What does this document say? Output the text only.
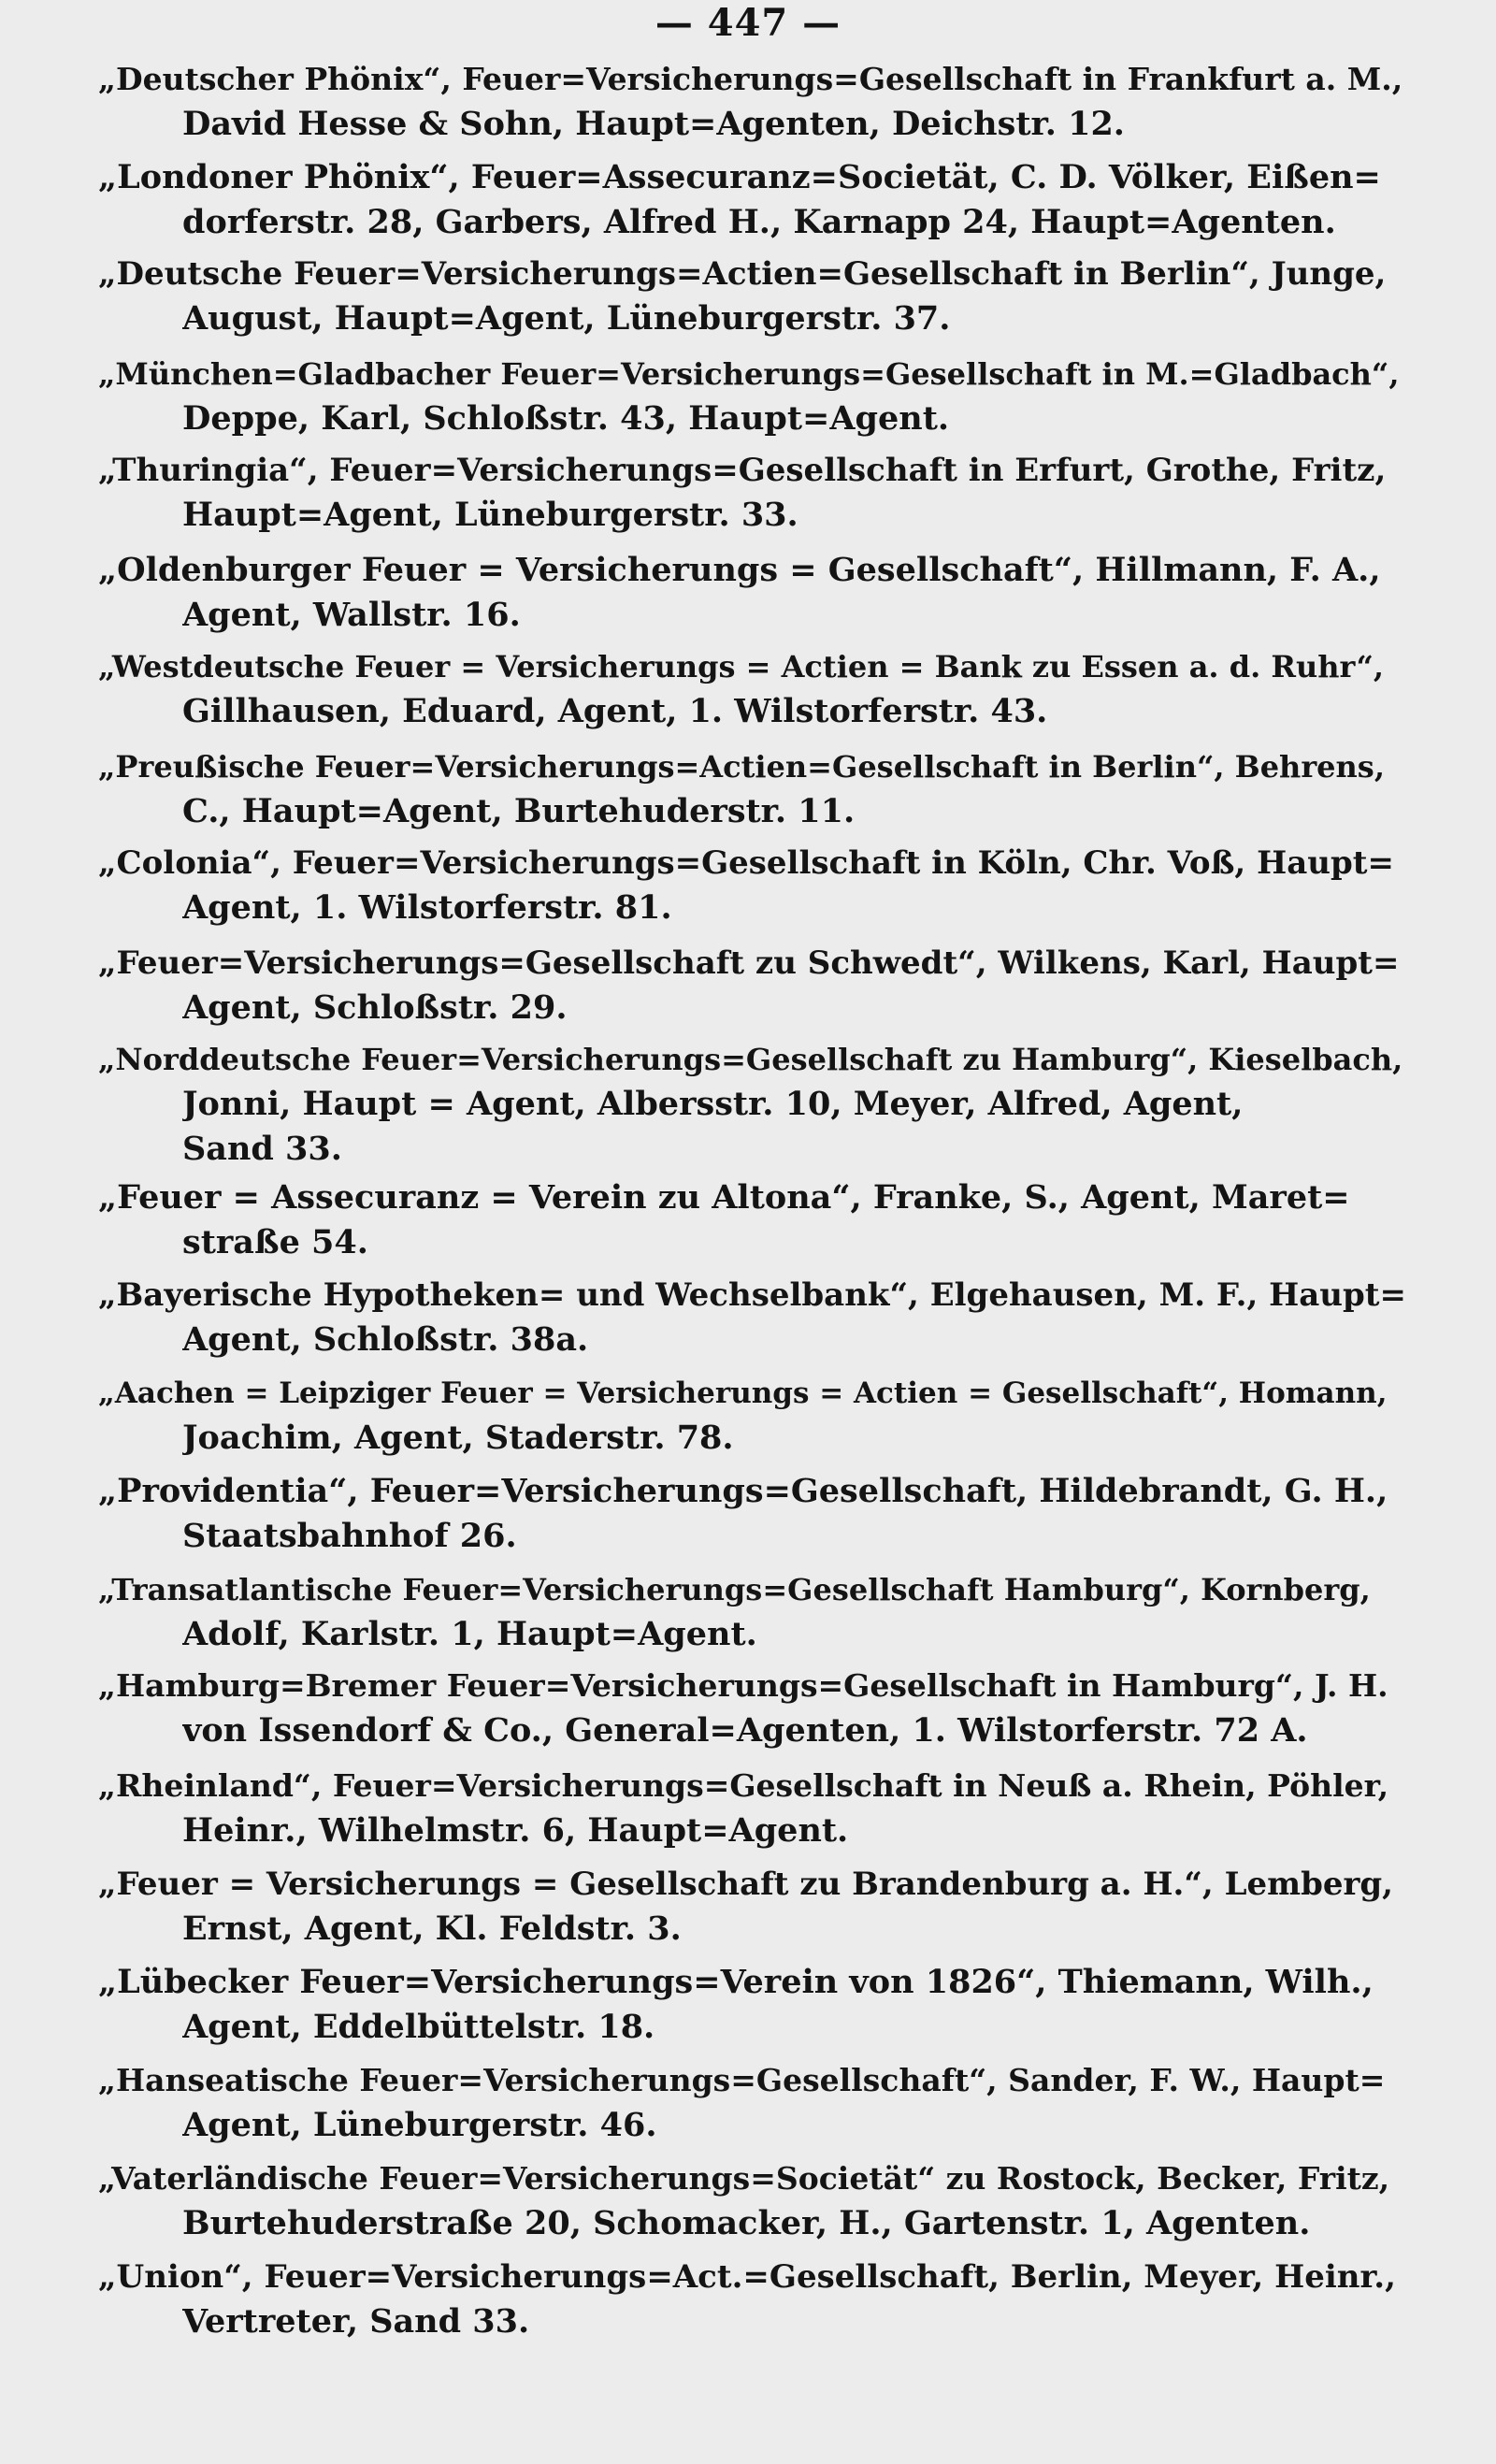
— 447 —
„Deutscher Phönix“, Feuer=Versicherungs=Gesellschaft in Frankfurt a. M.,
David Hesse & Sohn, Haupt=Agenten, Deichstr. 12.
„Londoner Phönix“, Feuer=Assecuranz=Societät, C. D. Völker, Eißen=
dorferstr. 28, Garbers, Alfred H., Karnapp 24, Haupt=Agenten.
„Deutsche Feuer=Versicherungs=Actien=Gesellschaft in Berlin“, Junge,
August, Haupt=Agent, Lüneburgerstr. 37.
„München=Gladbacher Feuer=Versicherungs=Gesellschaft in M.=Gladbach“,
Deppe, Karl, Schloßstr. 43, Haupt=Agent.
„Thuringia“, Feuer=Versicherungs=Gesellschaft in Erfurt, Grothe, Fritz,
Haupt=Agent, Lüneburgerstr. 33.
„Oldenburger Feuer = Versicherungs = Gesellschaft“, Hillmann, F. A.,
Agent, Wallstr. 16.
„Westdeutsche Feuer = Versicherungs = Actien = Bank zu Essen a. d. Ruhr“,
Gillhausen, Eduard, Agent, 1. Wilstorferstr. 43.
„Preußische Feuer=Versicherungs=Actien=Gesellschaft in Berlin“, Behrens,
C., Haupt=Agent, Burtehuderstr. 11.
„Colonia“, Feuer=Versicherungs=Gesellschaft in Köln, Chr. Voß, Haupt=
Agent, 1. Wilstorferstr. 81.
„Feuer=Versicherungs=Gesellschaft zu Schwedt“, Wilkens, Karl, Haupt=
Agent, Schloßstr. 29.
„Norddeutsche Feuer=Versicherungs=Gesellschaft zu Hamburg“, Kieselbach,
Jonni, Haupt = Agent, Albersstr. 10, Meyer, Alfred, Agent,
Sand 33.
„Feuer = Assecuranz = Verein zu Altona“, Franke, S., Agent, Maret=
straße 54.
„Bayerische Hypotheken= und Wechselbank“, Elgehausen, M. F., Haupt=
Agent, Schloßstr. 38a.
„Aachen = Leipziger Feuer = Versicherungs = Actien = Gesellschaft“, Homann,
Joachim, Agent, Staderstr. 78.
„Providentia“, Feuer=Versicherungs=Gesellschaft, Hildebrandt, G. H.,
Staatsbahnhof 26.
„Transatlantische Feuer=Versicherungs=Gesellschaft Hamburg“, Kornberg,
Adolf, Karlstr. 1, Haupt=Agent.
„Hamburg=Bremer Feuer=Versicherungs=Gesellschaft in Hamburg“, J. H.
von Issendorf & Co., General=Agenten, 1. Wilstorferstr. 72 A.
„Rheinland“, Feuer=Versicherungs=Gesellschaft in Neuß a. Rhein, Pöhler,
Heinr., Wilhelmstr. 6, Haupt=Agent.
„Feuer = Versicherungs = Gesellschaft zu Brandenburg a. H.“, Lemberg,
Ernst, Agent, Kl. Feldstr. 3.
„Lübecker Feuer=Versicherungs=Verein von 1826“, Thiemann, Wilh.,
Agent, Eddelbüttelstr. 18.
„Hanseatische Feuer=Versicherungs=Gesellschaft“, Sander, F. W., Haupt=
Agent, Lüneburgerstr. 46.
„Vaterländische Feuer=Versicherungs=Societät“ zu Rostock, Becker, Fritz,
Burtehuderstraße 20, Schomacker, H., Gartenstr. 1, Agenten.
„Union“, Feuer=Versicherungs=Act.=Gesellschaft, Berlin, Meyer, Heinr.,
Vertreter, Sand 33.
